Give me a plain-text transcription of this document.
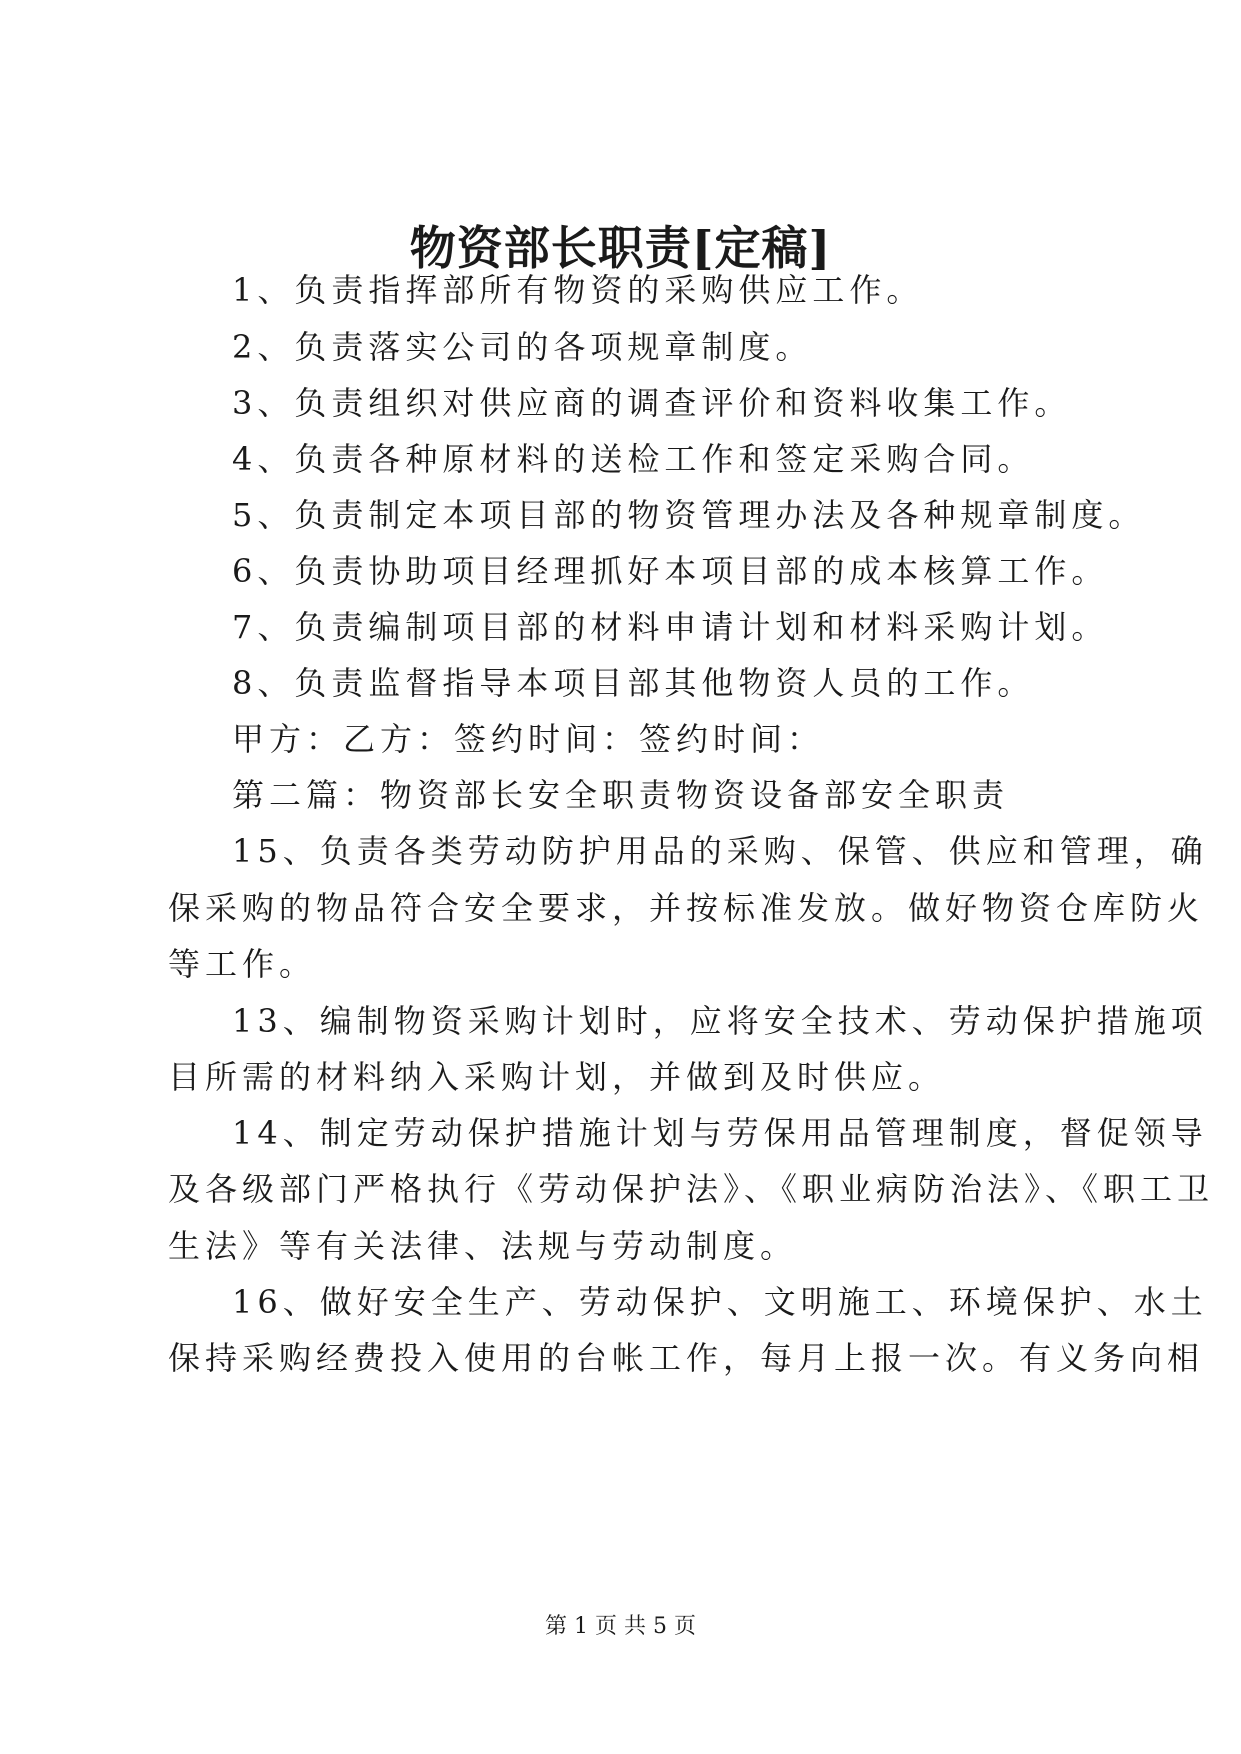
物资部长职责[定稿]
1、负责指挥部所有物资的采购供应工作。
2、负责落实公司的各项规章制度。
3、负责组织对供应商的调查评价和资料收集工作。
4、负责各种原材料的送检工作和签定采购合同。
5、负责制定本项目部的物资管理办法及各种规章制度。
6、负责协助项目经理抓好本项目部的成本核算工作。
7、负责编制项目部的材料申请计划和材料采购计划。
8、负责监督指导本项目部其他物资人员的工作。
甲方：乙方：签约时间：签约时间：
第二篇：物资部长安全职责物资设备部安全职责
15、负责各类劳动防护用品的采购、保管、供应和管理，确
保采购的物品符合安全要求，并按标准发放。做好物资仓库防火
等工作。
13、编制物资采购计划时，应将安全技术、劳动保护措施项
目所需的材料纳入采购计划，并做到及时供应。
14、制定劳动保护措施计划与劳保用品管理制度，督促领导
及各级部门严格执行《劳动保护法》、《职业病防治法》、《职工卫
生法》等有关法律、法规与劳动制度。
16、做好安全生产、劳动保护、文明施工、环境保护、水土
保持采购经费投入使用的台帐工作，每月上报一次。有义务向相
第 1 页 共 5 页
